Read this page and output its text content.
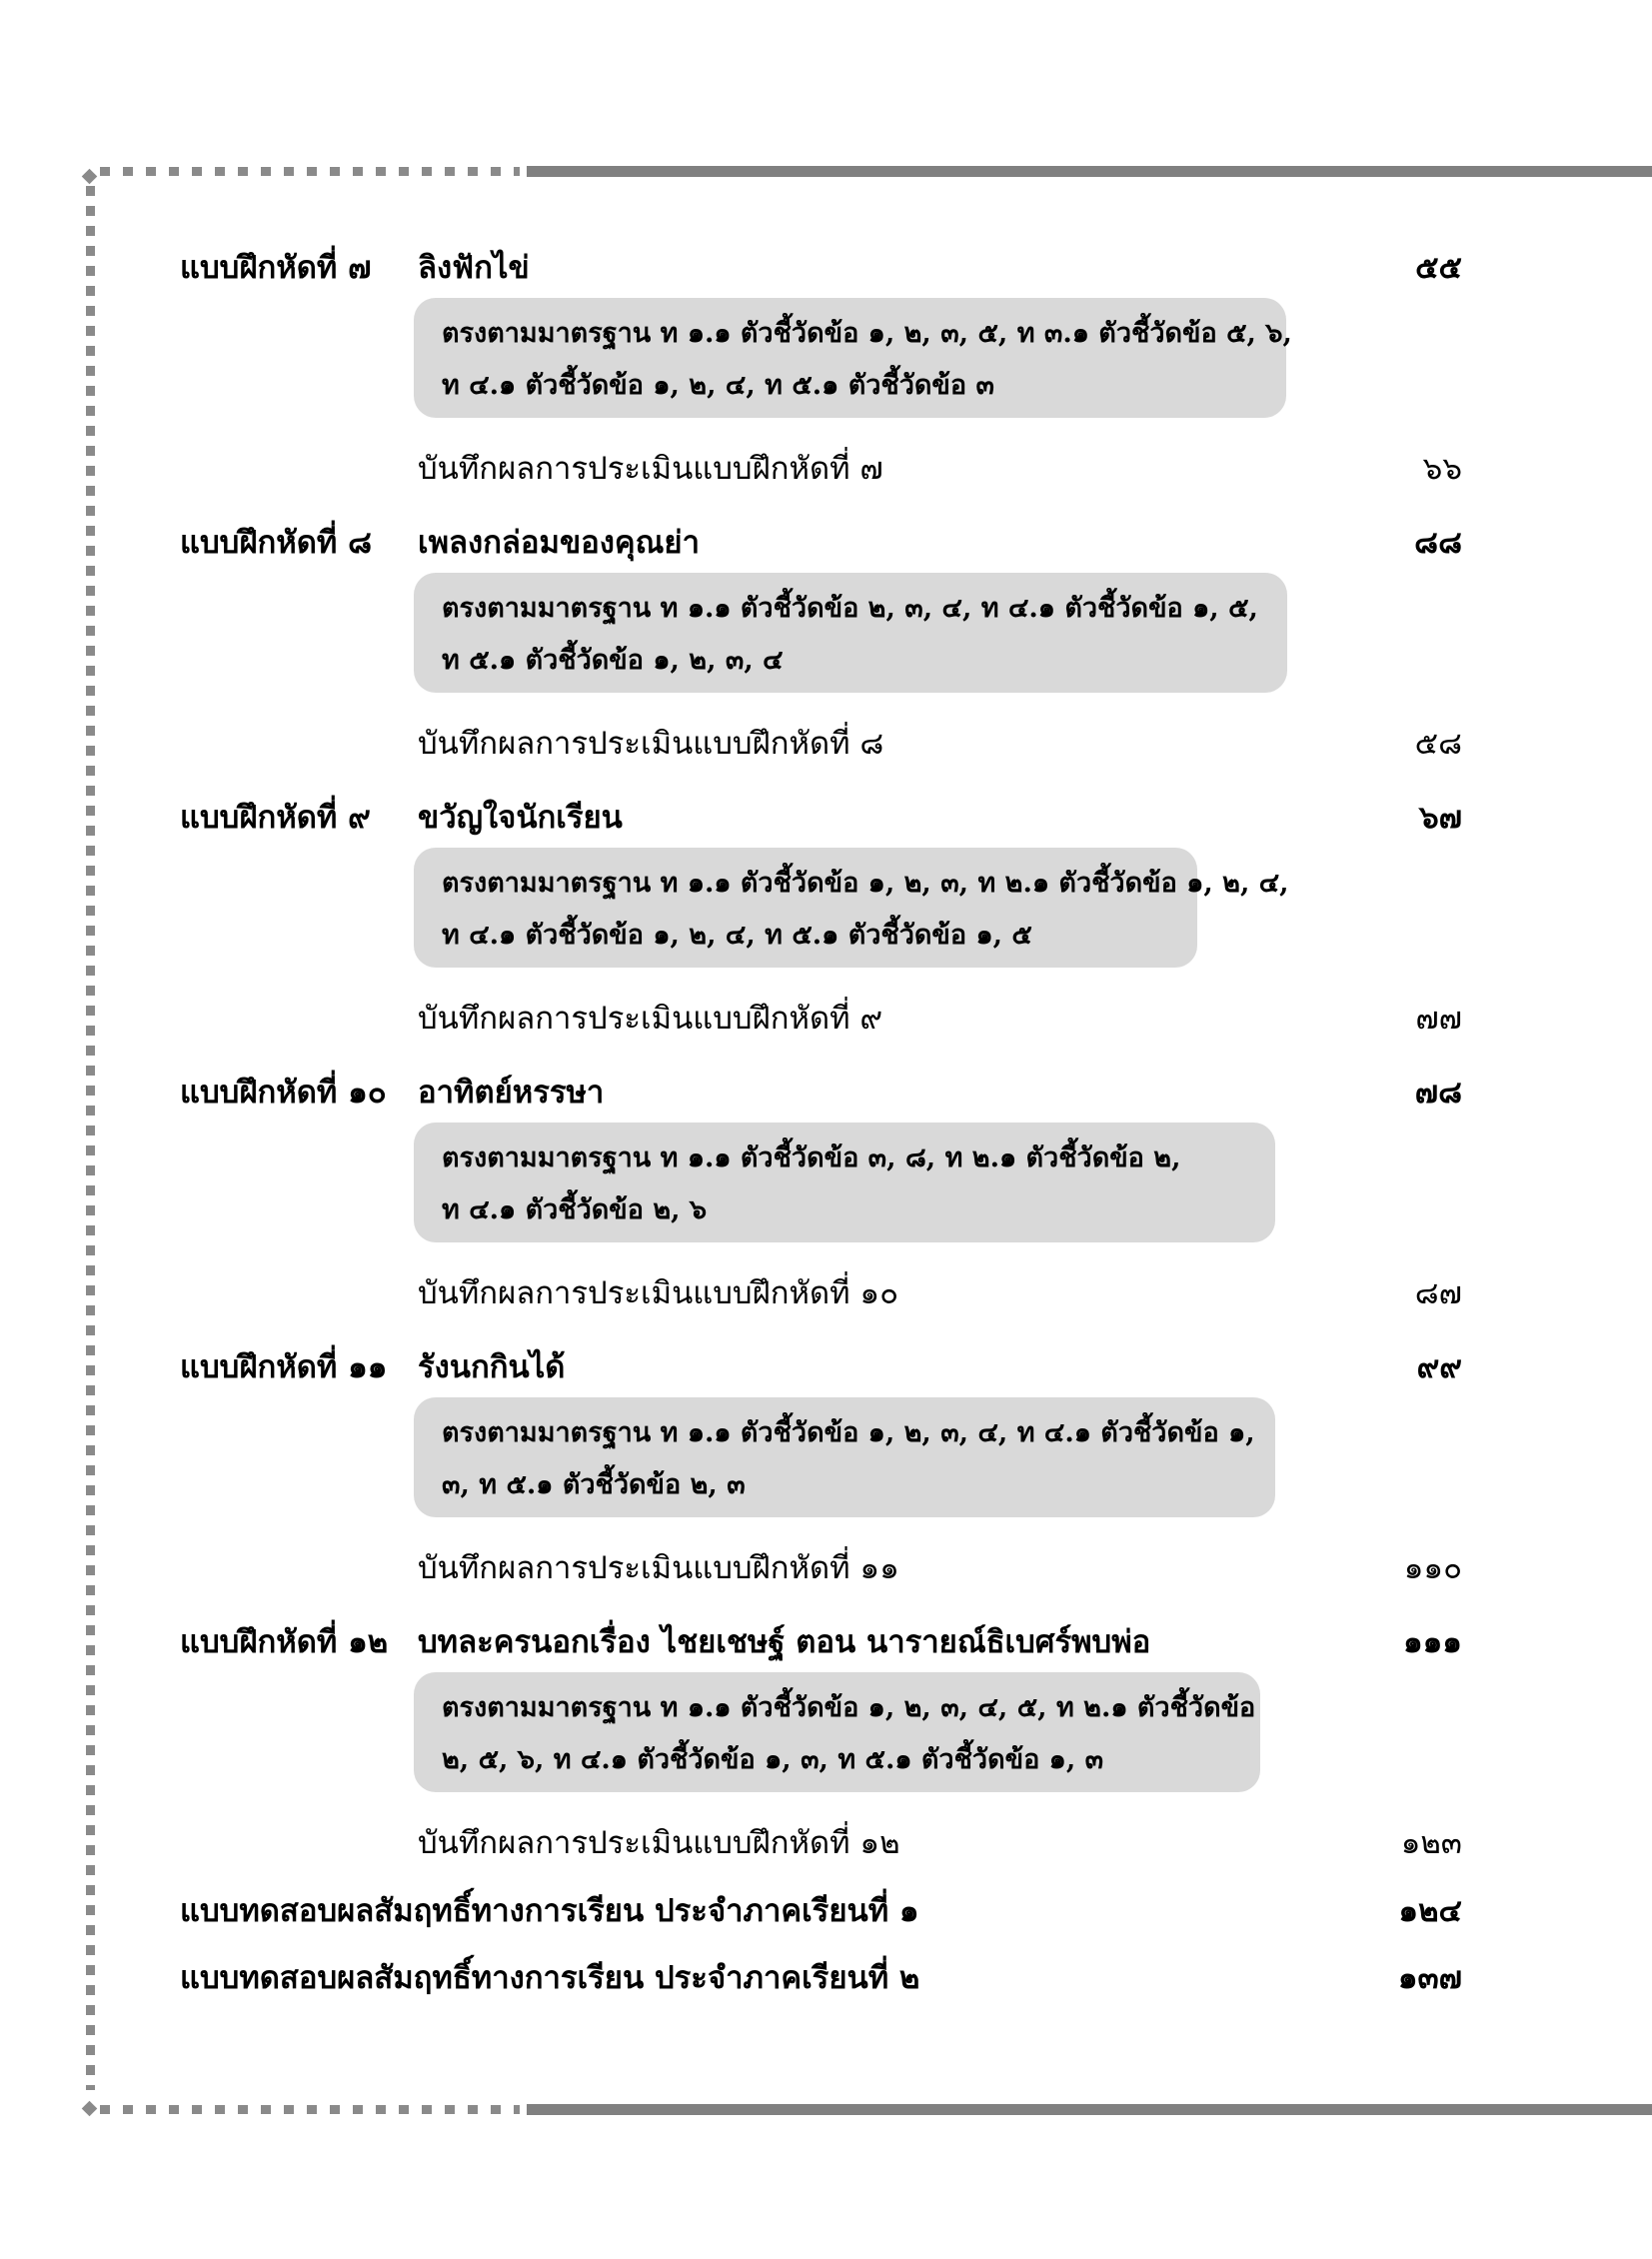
แบบฝึกหัดที่ ๗ ลิงฟักไข่	๕๕
ตรงตามมาตรฐาน ท ๑.๑ ตัวชี้วัดข้อ ๑, ๒, ๓, ๕, ท ๓.๑ ตัวชี้วัดข้อ ๕, ๖,
ท ๔.๑ ตัวชี้วัดข้อ ๑, ๒, ๔, ท ๕.๑ ตัวชี้วัดข้อ ๓
บันทึกผลการประเมินแบบฝึกหัดที่ ๗	๖๖
แบบฝึกหัดที่ ๘ เพลงกล่อมของคุณย่า	๘๘
ตรงตามมาตรฐาน ท ๑.๑ ตัวชี้วัดข้อ ๒, ๓, ๔, ท ๔.๑ ตัวชี้วัดข้อ ๑, ๕,
ท ๕.๑ ตัวชี้วัดข้อ ๑, ๒, ๓, ๔
บันทึกผลการประเมินแบบฝึกหัดที่ ๘	๕๘
แบบฝึกหัดที่ ๙ ขวัญใจนักเรียน	๖๗
ตรงตามมาตรฐาน ท ๑.๑ ตัวชี้วัดข้อ ๑, ๒, ๓, ท ๒.๑ ตัวชี้วัดข้อ ๑, ๒, ๔,
ท ๔.๑ ตัวชี้วัดข้อ ๑, ๒, ๔, ท ๕.๑ ตัวชี้วัดข้อ ๑, ๕
บันทึกผลการประเมินแบบฝึกหัดที่ ๙	๗๗
แบบฝึกหัดที่ ๑๐ อาทิตย์หรรษา	๗๘
ตรงตามมาตรฐาน ท ๑.๑ ตัวชี้วัดข้อ ๓, ๘, ท ๒.๑ ตัวชี้วัดข้อ ๒,
ท ๔.๑ ตัวชี้วัดข้อ ๒, ๖
บันทึกผลการประเมินแบบฝึกหัดที่ ๑๐	๘๗
แบบฝึกหัดที่ ๑๑ รังนกกินได้	๙๙
ตรงตามมาตรฐาน ท ๑.๑ ตัวชี้วัดข้อ ๑, ๒, ๓, ๔, ท ๔.๑ ตัวชี้วัดข้อ ๑,
๓, ท ๕.๑ ตัวชี้วัดข้อ ๒, ๓
บันทึกผลการประเมินแบบฝึกหัดที่ ๑๑	๑๑๐
แบบฝึกหัดที่ ๑๒ บทละครนอกเรื่อง ไชยเชษฐ์ ตอน นารายณ์ธิเบศร์พบพ่อ	๑๑๑
ตรงตามมาตรฐาน ท ๑.๑ ตัวชี้วัดข้อ ๑, ๒, ๓, ๔, ๕, ท ๒.๑ ตัวชี้วัดข้อ
๒, ๕, ๖, ท ๔.๑ ตัวชี้วัดข้อ ๑, ๓, ท ๕.๑ ตัวชี้วัดข้อ ๑, ๓
บันทึกผลการประเมินแบบฝึกหัดที่ ๑๒	๑๒๓
แบบทดสอบผลสัมฤทธิ์ทางการเรียน ประจำภาคเรียนที่ ๑	๑๒๔
แบบทดสอบผลสัมฤทธิ์ทางการเรียน ประจำภาคเรียนที่ ๒	๑๓๗
